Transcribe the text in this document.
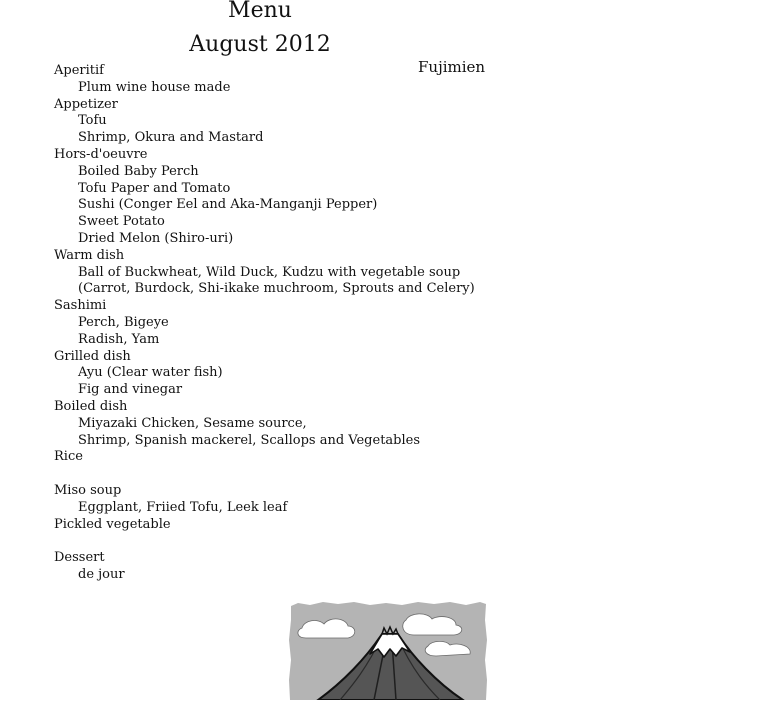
Menu
August 2012
Fujimien
Aperitif
Plum wine house made
Appetizer
Tofu
Shrimp, Okura and Mastard
Hors-d'oeuvre
Boiled Baby Perch
Tofu Paper and Tomato
Sushi (Conger Eel and Aka-Manganji Pepper)
Sweet Potato
Dried Melon (Shiro-uri)
Warm dish
Ball of Buckwheat, Wild Duck, Kudzu with vegetable soup
(Carrot, Burdock, Shi-ikake muchroom, Sprouts and Celery)
Sashimi
Perch, Bigeye
Radish, Yam
Grilled dish
Ayu (Clear water fish)
Fig and vinegar
Boiled dish
Miyazaki Chicken, Sesame source,
Shrimp, Spanish mackerel, Scallops and Vegetables
Rice
Miso soup
Eggplant, Friied Tofu, Leek leaf
Pickled vegetable
Dessert
de jour
